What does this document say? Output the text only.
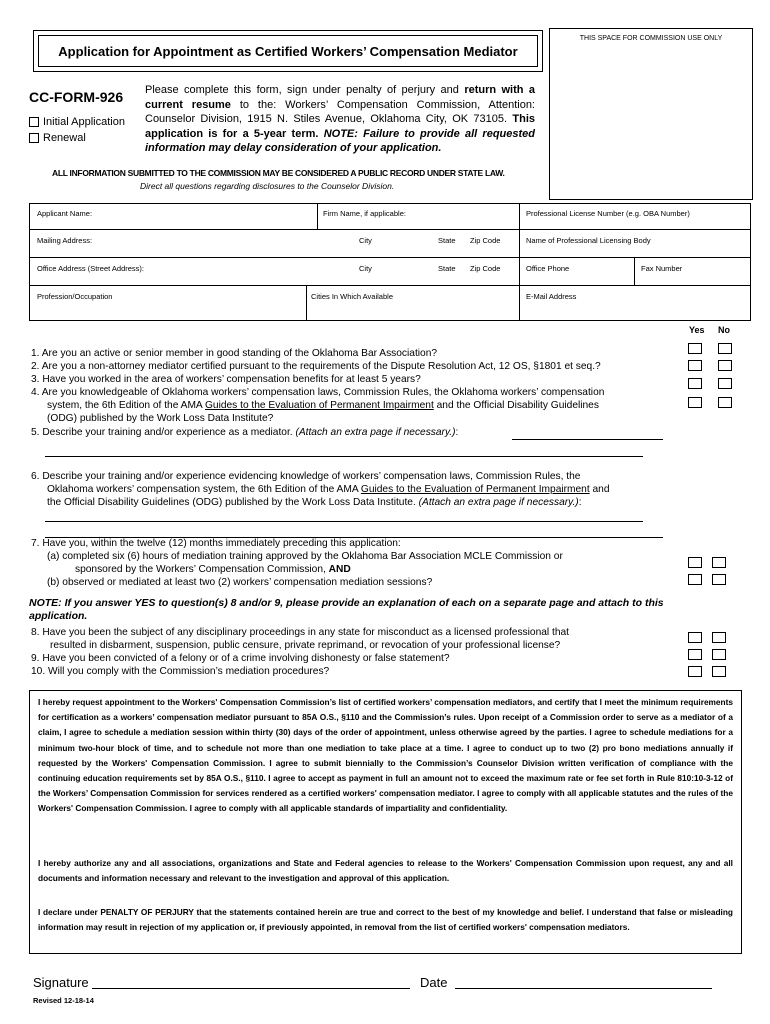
Application for Appointment as Certified Workers’ Compensation Mediator
THIS SPACE FOR COMMISSION USE ONLY
CC-FORM-926
Initial Application
Renewal
Please complete this form, sign under penalty of perjury and return with a current resume to the: Workers’ Compensation Commission, Attention: Counselor Division, 1915 N. Stiles Avenue, Oklahoma City, OK 73105. This application is for a 5-year term. NOTE: Failure to provide all requested information may delay consideration of your application.
ALL INFORMATION SUBMITTED TO THE COMMISSION MAY BE CONSIDERED A PUBLIC RECORD UNDER STATE LAW.
Direct all questions regarding disclosures to the Counselor Division.
Applicant Name:	Firm Name, if applicable:	Professional License Number (e.g. OBA Number)
Mailing Address:	City	State Zip Code	Name of Professional Licensing Body
Office Address (Street Address):	City	State Zip Code	Office Phone	Fax Number
Profession/Occupation	Cities In Which Available	E-Mail Address
Yes No
1. Are you an active or senior member in good standing of the Oklahoma Bar Association?
2. Are you a non-attorney mediator certified pursuant to the requirements of the Dispute Resolution Act, 12 OS, §1801 et seq.?
3. Have you worked in the area of workers’ compensation benefits for at least 5 years?
4. Are you knowledgeable of Oklahoma workers’ compensation laws, Commission Rules, the Oklahoma workers’ compensation
system, the 6th Edition of the AMA Guides to the Evaluation of Permanent Impairment and the Official Disability Guidelines
(ODG) published by the Work Loss Data Institute?
5. Describe your training and/or experience as a mediator. (Attach an extra page if necessary.):
6. Describe your training and/or experience evidencing knowledge of workers’ compensation laws, Commission Rules, the
Oklahoma workers’ compensation system, the 6th Edition of the AMA Guides to the Evaluation of Permanent Impairment and
the Official Disability Guidelines (ODG) published by the Work Loss Data Institute. (Attach an extra page if necessary.):
7. Have you, within the twelve (12) months immediately preceding this application:
(a) completed six (6) hours of mediation training approved by the Oklahoma Bar Association MCLE Commission or
sponsored by the Workers’ Compensation Commission, AND
(b) observed or mediated at least two (2) workers’ compensation mediation sessions?
NOTE: If you answer YES to question(s) 8 and/or 9, please provide an explanation of each on a separate page and attach to this application.
8. Have you been the subject of any disciplinary proceedings in any state for misconduct as a licensed professional that
resulted in disbarment, suspension, public censure, private reprimand, or revocation of your professional license?
9. Have you been convicted of a felony or of a crime involving dishonesty or false statement?
10. Will you comply with the Commission’s mediation procedures?

I hereby request appointment to the Workers' Compensation Commission’s list of certified workers’ compensation mediators, and certify that I meet the minimum requirements for certification as a workers’ compensation mediator pursuant to 85A O.S., §110 and the Commission’s rules. Upon receipt of a Commission order to serve as a mediator of a claim, I agree to schedule a mediation session within thirty (30) days of the order of appointment, unless otherwise agreed by the parties. I agree to schedule mediations for a minimum two-hour block of time, and to schedule not more than one mediation to take place at a time. I agree to conduct up to two (2) pro bono mediations annually if requested by the Workers' Compensation Commission. I agree to submit biennially to the Commission’s Counselor Division written verification of compliance with the continuing education requirements set by 85A O.S., §110. I agree to accept as payment in full an amount not to exceed the maximum rate or fee set forth in Rule 810:10-3-12 of the Workers’ Compensation Commission for services rendered as a certified workers' compensation mediator. I agree to comply with all applicable statutes and the rules of the Workers' Compensation Commission. I agree to comply with all applicable standards of impartiality and confidentiality.

I hereby authorize any and all associations, organizations and State and Federal agencies to release to the Workers' Compensation Commission upon request, any and all documents and information necessary and relevant to the investigation and approval of this application.

I declare under PENALTY OF PERJURY that the statements contained herein are true and correct to the best of my knowledge and belief. I understand that false or misleading information may result in rejection of my application or, if previously appointed, in removal from the list of certified workers' compensation mediators.

Signature	Date
Revised 12-18-14
